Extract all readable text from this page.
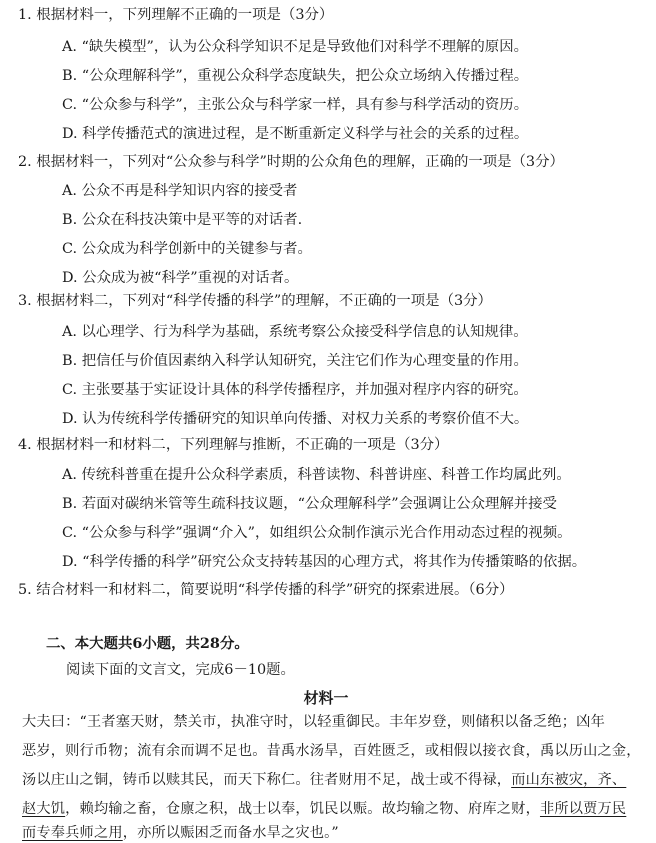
1. 根据材料一，下列理解不正确的一项是（3分）
A. “缺失模型”，认为公众科学知识不足是导致他们对科学不理解的原因。
B. “公众理解科学”，重视公众科学态度缺失，把公众立场纳入传播过程。
C. “公众参与科学”，主张公众与科学家一样，具有参与科学活动的资历。
D. 科学传播范式的演进过程，是不断重新定义科学与社会的关系的过程。
2. 根据材料一，下列对“公众参与科学”时期的公众角色的理解，正确的一项是（3分）
A. 公众不再是科学知识内容的接受者
B. 公众在科技决策中是平等的对话者.
C. 公众成为科学创新中的关键参与者。
D. 公众成为被“科学”重视的对话者。
3. 根据材料二，下列对“科学传播的科学”的理解，不正确的一项是（3分）
A. 以心理学、行为科学为基础，系统考察公众接受科学信息的认知规律。
B. 把信任与价值因素纳入科学认知研究，关注它们作为心理变量的作用。
C. 主张要基于实证设计具体的科学传播程序，并加强对程序内容的研究。
D. 认为传统科学传播研究的知识单向传播、对权力关系的考察价值不大。
4. 根据材料一和材料二，下列理解与推断，不正确的一项是（3分）
A. 传统科普重在提升公众科学素质，科普读物、科普讲座、科普工作均属此列。
B. 若面对碳纳米管等生疏科技议题，“公众理解科学”会强调让公众理解并接受
C. “公众参与科学”强调“介入”，如组织公众制作演示光合作用动态过程的视频。
D. “科学传播的科学”研究公众支持转基因的心理方式，将其作为传播策略的依据。
5. 结合材料一和材料二，简要说明“科学传播的科学”研究的探索进展。（6分）
二、本大题共6小题，共28分。
阅读下面的文言文，完成6－10题。
材料一
大夫曰：“王者塞天财，禁关市，执准守时，以轻重御民。丰年岁登，则储积以备乏绝；凶年
恶岁，则行币物；流有余而调不足也。昔禹水汤旱，百姓匮乏，或相假以接衣食，禹以历山之金，
汤以庄山之铜，铸币以赎其民，而天下称仁。往者财用不足，战士或不得禄，而山东被灾，齐、
赵大饥，赖均输之畜，仓廪之积，战士以奉，饥民以赈。故均输之物、府库之财，非所以贾万民
而专奉兵师之用，亦所以赈困乏而备水旱之灾也。”
